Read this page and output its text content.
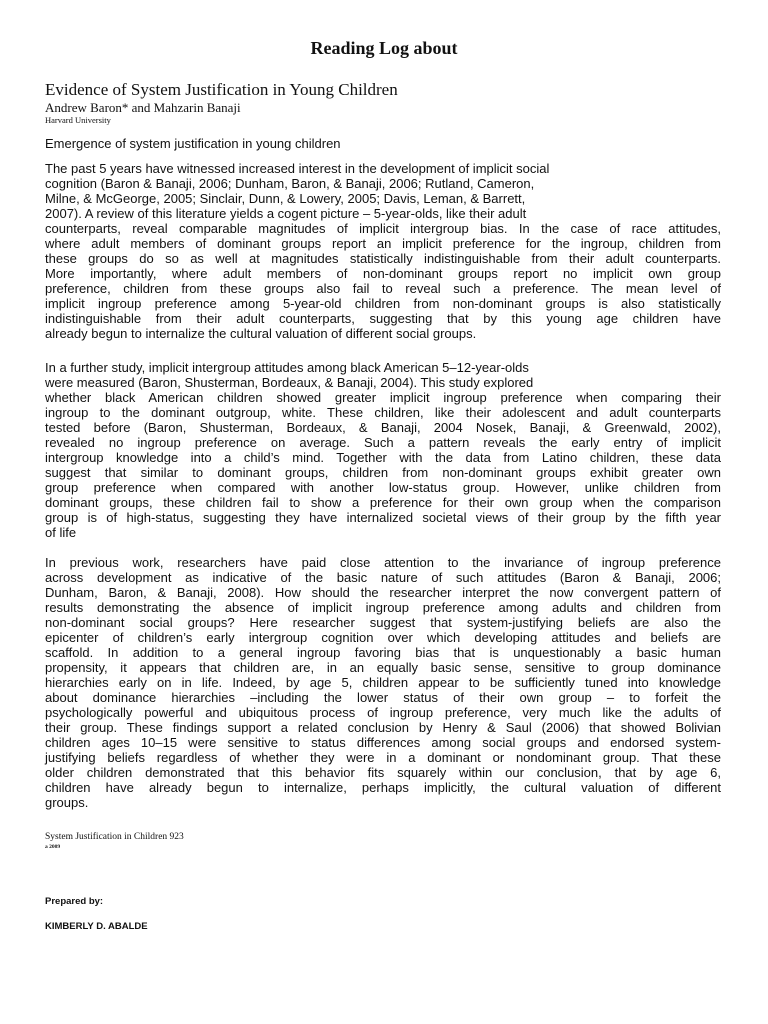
Reading Log about
Evidence of System Justification in Young Children
Andrew Baron* and Mahzarin Banaji
Harvard University
Emergence of system justification in young children
The past 5 years have witnessed increased interest in the development of implicit social
cognition (Baron & Banaji, 2006; Dunham, Baron, & Banaji, 2006; Rutland, Cameron,
Milne, & McGeorge, 2005; Sinclair, Dunn, & Lowery, 2005; Davis, Leman, & Barrett,
2007). A review of this literature yields a cogent picture – 5-year-olds, like their adult
counterparts, reveal comparable magnitudes of implicit intergroup bias. In the case of race attitudes,
where adult members of dominant groups report an implicit preference for the ingroup, children from
these groups do so as well at magnitudes statistically indistinguishable from their adult counterparts.
More importantly, where adult members of non-dominant groups report no implicit own group
preference, children from these groups also fail to reveal such a preference. The mean level of
implicit ingroup preference among 5-year-old children from non-dominant groups is also statistically
indistinguishable from their adult counterparts, suggesting that by this young age children have
already begun to internalize the cultural valuation of different social groups.
In a further study, implicit intergroup attitudes among black American 5–12-year-olds
were measured (Baron, Shusterman, Bordeaux, & Banaji, 2004). This study explored
whether black American children showed greater implicit ingroup preference when comparing their
ingroup to the dominant outgroup, white. These children, like their adolescent and adult counterparts
tested before (Baron, Shusterman, Bordeaux, & Banaji, 2004 Nosek, Banaji, & Greenwald, 2002),
revealed no ingroup preference on average. Such a pattern reveals the early entry of implicit
intergroup knowledge into a child’s mind. Together with the data from Latino children, these data
suggest that similar to dominant groups, children from non-dominant groups exhibit greater own
group preference when compared with another low-status group. However, unlike children from
dominant groups, these children fail to show a preference for their own group when the comparison
group is of high-status, suggesting they have internalized societal views of their group by the fifth year
of life
In previous work, researchers have paid close attention to the invariance of ingroup preference
across development as indicative of the basic nature of such attitudes (Baron & Banaji, 2006;
Dunham, Baron, & Banaji, 2008). How should the researcher interpret the now convergent pattern of
results demonstrating the absence of implicit ingroup preference among adults and children from
non-dominant social groups? Here researcher suggest that system-justifying beliefs are also the
epicenter of children’s early intergroup cognition over which developing attitudes and beliefs are
scaffold. In addition to a general ingroup favoring bias that is unquestionably a basic human
propensity, it appears that children are, in an equally basic sense, sensitive to group dominance
hierarchies early on in life. Indeed, by age 5, children appear to be sufficiently tuned into knowledge
about dominance hierarchies –including the lower status of their own group – to forfeit the
psychologically powerful and ubiquitous process of ingroup preference, very much like the adults of
their group. These findings support a related conclusion by Henry & Saul (2006) that showed Bolivian
children ages 10–15 were sensitive to status differences among social groups and endorsed system-
justifying beliefs regardless of whether they were in a dominant or nondominant group. That these
older children demonstrated that this behavior fits squarely within our conclusion, that by age 6,
children have already begun to internalize, perhaps implicitly, the cultural valuation of different
groups.
System Justification in Children 923
a 2009
Prepared by:
KIMBERLY D. ABALDE
